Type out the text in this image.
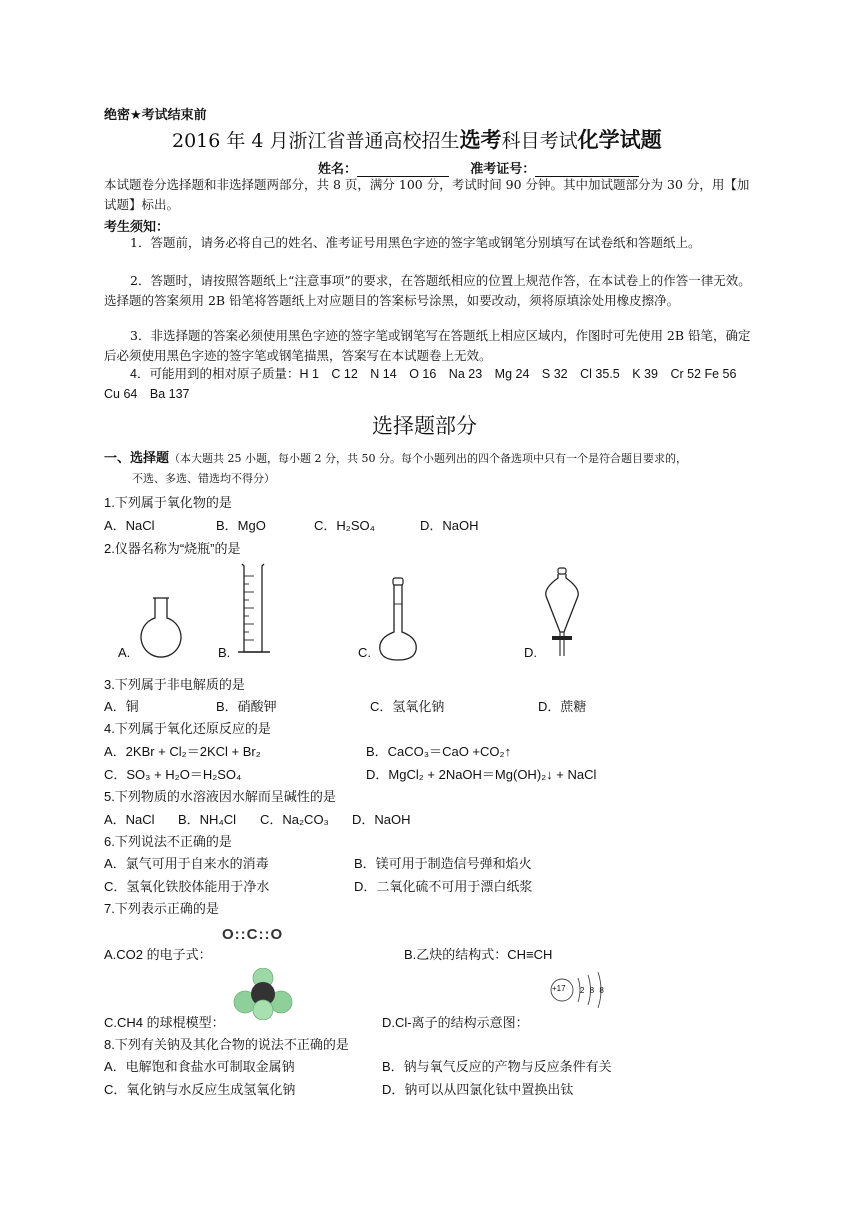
绝密★考试结束前
2016 年 4 月浙江省普通高校招生选考科目考试化学试题
姓名：	准考证号：
本试题卷分选择题和非选择题两部分，共 8 页，满分 100 分，考试时间 90 分钟。其中加试题部分为 30 分，用【加试题】标出。
考生须知：
1．答题前，请务必将自己的姓名、准考证号用黑色字迹的签字笔或钢笔分别填写在试卷纸和答题纸上。
2．答题时，请按照答题纸上“注意事项”的要求，在答题纸相应的位置上规范作答，在本试卷上的作答一律无效。选择题的答案须用 2B 铅笔将答题纸上对应题目的答案标号涂黑，如要改动，须将原填涂处用橡皮擦净。
3．非选择题的答案必须使用黑色字迹的签字笔或钢笔写在答题纸上相应区域内，作图时可先使用 2B 铅笔，确定后必须使用黑色字迹的签字笔或钢笔描黑，答案写在本试题卷上无效。
4．可能用到的相对原子质量：H 1　C 12　N 14　O 16　Na 23　Mg 24　S 32　Cl 35.5　K 39　Cr 52 Fe 56　Cu 64　Ba 137
选择题部分
一、选择题（本大题共 25 小题，每小题 2 分，共 50 分。每个小题列出的四个备选项中只有一个是符合题目要求的，
不选、多选、错选均不得分）
1.下列属于氧化物的是
A．NaCl	B．MgO	C．H₂SO₄	D．NaOH
2.仪器名称为“烧瓶”的是
A.	B.	C.	D.
3.下列属于非电解质的是
A．铜	B．硝酸钾	C．氢氧化钠	D．蔗糖
4.下列属于氧化还原反应的是
A．2KBr + Cl₂＝2KCl + Br₂	B．CaCO₃＝CaO +CO₂↑
C．SO₃ + H₂O＝H₂SO₄	D．MgCl₂ + 2NaOH＝Mg(OH)₂↓ + NaCl
5.下列物质的水溶液因水解而呈碱性的是
A．NaCl B．NH₄Cl C．Na₂CO₃ D．NaOH
6.下列说法不正确的是
A．氯气可用于自来水的消毒	B．镁可用于制造信号弹和焰火
C．氢氧化铁胶体能用于净水	D．二氧化硫不可用于漂白纸浆
7.下列表示正确的是
A.CO2 的电子式：
O::C::O
B.乙炔的结构式：CH≡CH
C.CH4 的球棍模型：	D.Cl-离子的结构示意图：
+17 2 8 8
8.下列有关钠及其化合物的说法不正确的是
A．电解饱和食盐水可制取金属钠	B．钠与氧气反应的产物与反应条件有关
C．氧化钠与水反应生成氢氧化钠	D．钠可以从四氯化钛中置换出钛
